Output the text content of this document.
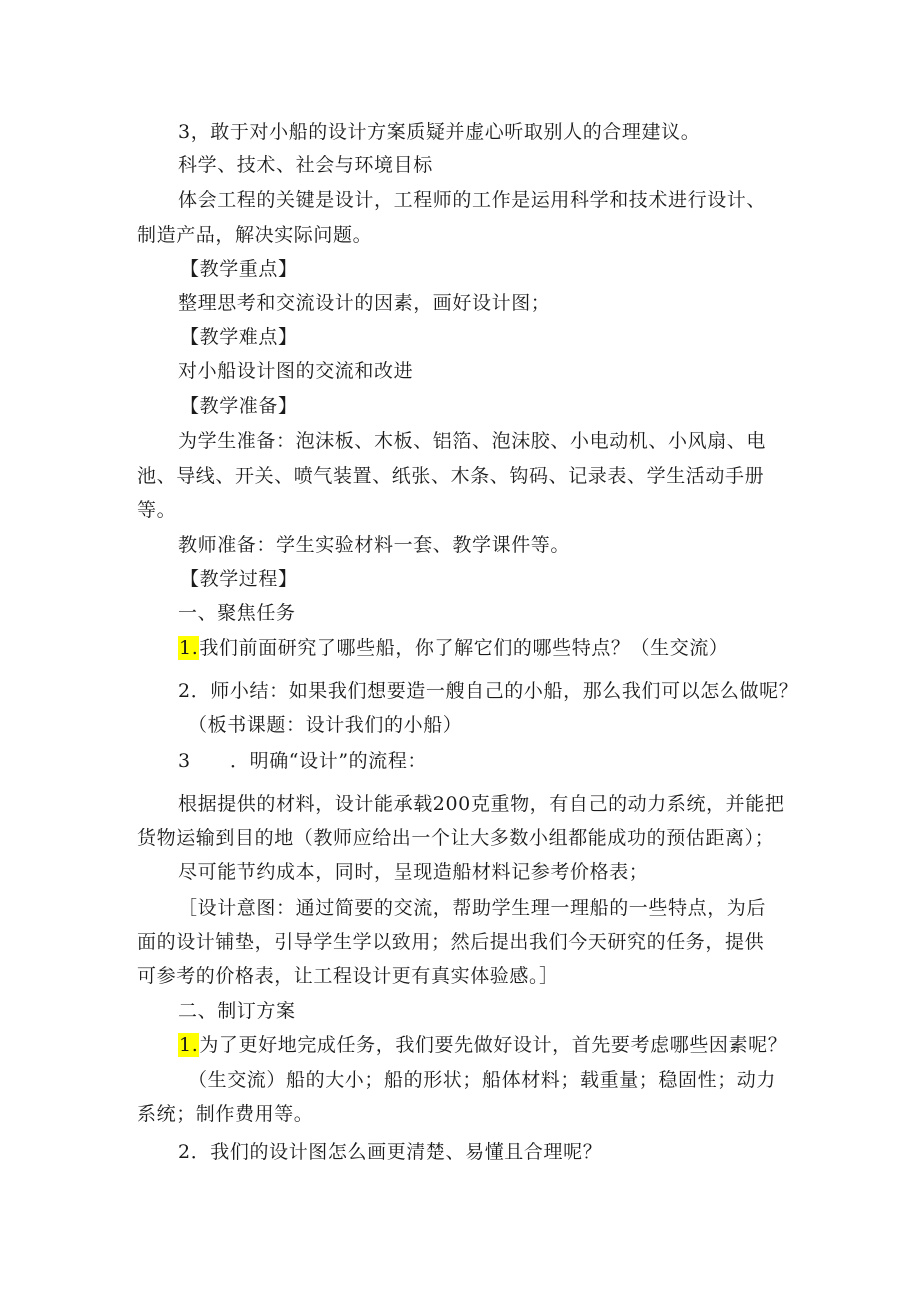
3，敢于对小船的设计方案质疑并虚心听取别人的合理建议。
科学、技术、社会与环境目标
体会工程的关键是设计，工程师的工作是运用科学和技术进行设计、
制造产品，解决实际问题。
【教学重点】
整理思考和交流设计的因素，画好设计图；
【教学难点】
对小船设计图的交流和改进
【教学准备】
为学生准备：泡沫板、木板、铝箔、泡沫胶、小电动机、小风扇、电
池、导线、开关、喷气装置、纸张、木条、钩码、记录表、学生活动手册
等。
教师准备：学生实验材料一套、教学课件等。
【教学过程】
一、聚焦任务
1.我们前面研究了哪些船，你了解它们的哪些特点？（生交流）
2．师小结：如果我们想要造一艘自己的小船，那么我们可以怎么做呢？
（板书课题：设计我们的小船）
3 ．明确“设计”的流程：
根据提供的材料，设计能承载200克重物，有自己的动力系统，并能把
货物运输到目的地（教师应给出一个让大多数小组都能成功的预估距离）；
尽可能节约成本，同时，呈现造船材料记参考价格表；
［设计意图：通过简要的交流，帮助学生理一理船的一些特点，为后
面的设计铺垫，引导学生学以致用；然后提出我们今天研究的任务，提供
可参考的价格表，让工程设计更有真实体验感。］
二、制订方案
1.为了更好地完成任务，我们要先做好设计，首先要考虑哪些因素呢？
（生交流）船的大小；船的形状；船体材料；载重量；稳固性；动力
系统；制作费用等。
2．我们的设计图怎么画更清楚、易懂且合理呢？
